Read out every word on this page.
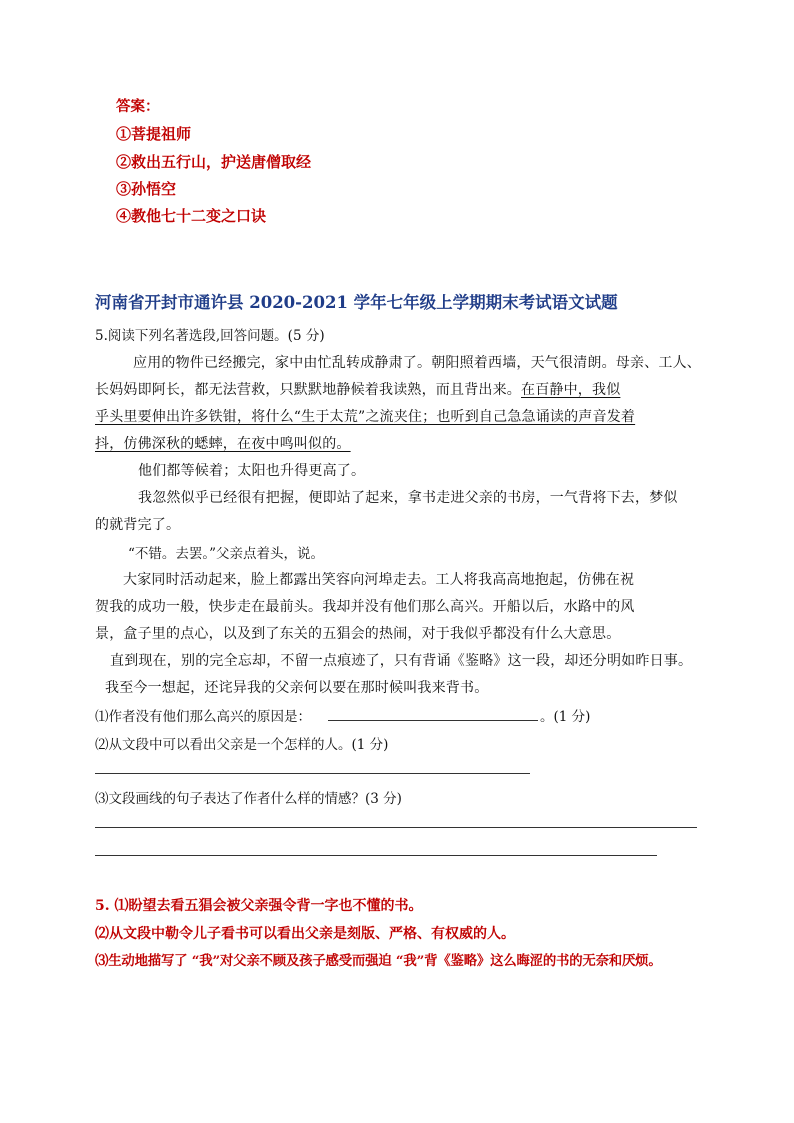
答案：
①菩提祖师
②救出五行山，护送唐僧取经
③孙悟空
④教他七十二变之口诀
河南省开封市通许县 2020-2021 学年七年级上学期期末考试语文试题
5.阅读下列名著选段,回答问题。(5 分)
应用的物件已经搬完，家中由忙乱转成静肃了。朝阳照着西墙，天气很清朗。母亲、工人、
长妈妈即阿长，都无法营救，只默默地静候着我读熟，而且背出来。在百静中，我似
乎头里要伸出许多铁钳，将什么“生于太荒”之流夹住；也听到自己急急诵读的声音发着
抖，仿佛深秋的蟋蟀，在夜中鸣叫似的。
他们都等候着；太阳也升得更高了。
我忽然似乎已经很有把握，便即站了起来，拿书走进父亲的书房，一气背将下去，梦似
的就背完了。
“不错。去罢。”父亲点着头，说。
大家同时活动起来，脸上都露出笑容向河埠走去。工人将我高高地抱起，仿佛在祝
贺我的成功一般，快步走在最前头。我却并没有他们那么高兴。开船以后，水路中的风
景，盒子里的点心，以及到了东关的五猖会的热闹，对于我似乎都没有什么大意思。
直到现在，别的完全忘却，不留一点痕迹了，只有背诵《鉴略》这一段，却还分明如昨日事。
我至今一想起，还诧异我的父亲何以要在那时候叫我来背书。
⑴作者没有他们那么高兴的原因是：	。(1 分)
⑵从文段中可以看出父亲是一个怎样的人。(1 分)
⑶文段画线的句子表达了作者什么样的情感？(3 分)
5. ⑴盼望去看五猖会被父亲强令背一字也不懂的书。
⑵从文段中勒令儿子看书可以看出父亲是刻版、严格、有权威的人。
⑶生动地描写了 “我”对父亲不顾及孩子感受而强迫 “我”背《鉴略》这么晦涩的书的无奈和厌烦。
